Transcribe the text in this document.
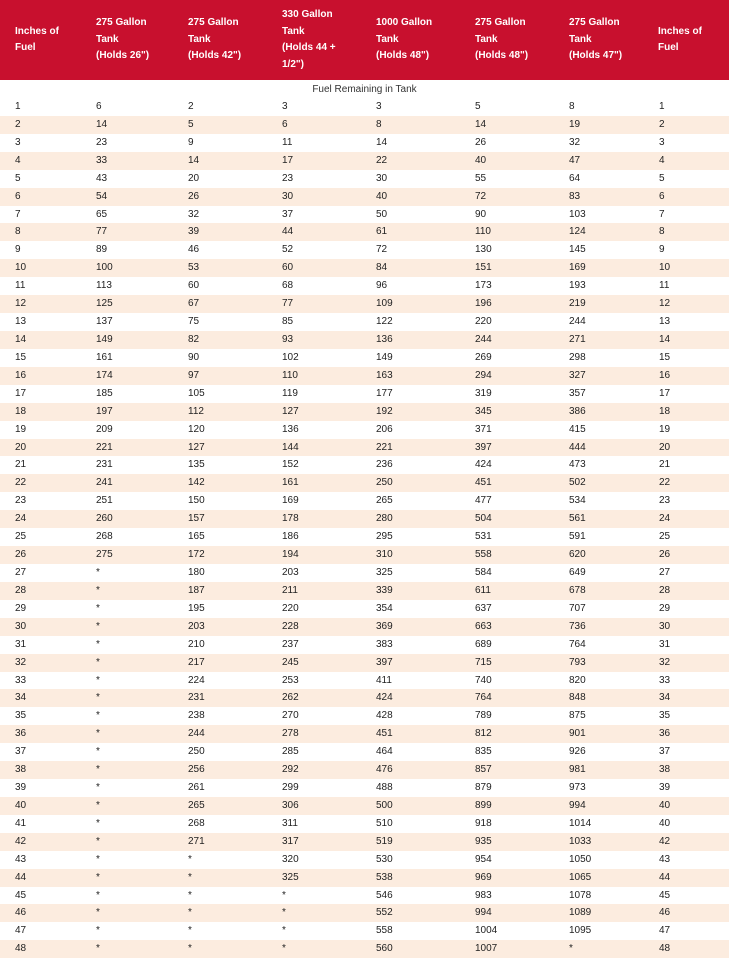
Inches of
Fuel	275 Gallon
Tank
(Holds 26")	275 Gallon
Tank
(Holds 42")	330 Gallon
Tank
(Holds 44 +
1/2")	1000 Gallon
Tank
(Holds 48")	275 Gallon
Tank
(Holds 48")	275 Gallon
Tank
(Holds 47")	Inches of
Fuel
Fuel Remaining in Tank							
1	6	2	3	3	5	8	1
2	14	5	6	8	14	19	2
3	23	9	11	14	26	32	3
4	33	14	17	22	40	47	4
5	43	20	23	30	55	64	5
6	54	26	30	40	72	83	6
7	65	32	37	50	90	103	7
8	77	39	44	61	110	124	8
9	89	46	52	72	130	145	9
10	100	53	60	84	151	169	10
11	113	60	68	96	173	193	11
12	125	67	77	109	196	219	12
13	137	75	85	122	220	244	13
14	149	82	93	136	244	271	14
15	161	90	102	149	269	298	15
16	174	97	110	163	294	327	16
17	185	105	119	177	319	357	17
18	197	112	127	192	345	386	18
19	209	120	136	206	371	415	19
20	221	127	144	221	397	444	20
21	231	135	152	236	424	473	21
22	241	142	161	250	451	502	22
23	251	150	169	265	477	534	23
24	260	157	178	280	504	561	24
25	268	165	186	295	531	591	25
26	275	172	194	310	558	620	26
27	*	180	203	325	584	649	27
28	*	187	211	339	611	678	28
29	*	195	220	354	637	707	29
30	*	203	228	369	663	736	30
31	*	210	237	383	689	764	31
32	*	217	245	397	715	793	32
33	*	224	253	411	740	820	33
34	*	231	262	424	764	848	34
35	*	238	270	428	789	875	35
36	*	244	278	451	812	901	36
37	*	250	285	464	835	926	37
38	*	256	292	476	857	981	38
39	*	261	299	488	879	973	39
40	*	265	306	500	899	994	40
41	*	268	311	510	918	1014	40
42	*	271	317	519	935	1033	42
43	*	*	320	530	954	1050	43
44	*	*	325	538	969	1065	44
45	*	*	*	546	983	1078	45
46	*	*	*	552	994	1089	46
47	*	*	*	558	1004	1095	47
48	*	*	*	560	1007	*	48
